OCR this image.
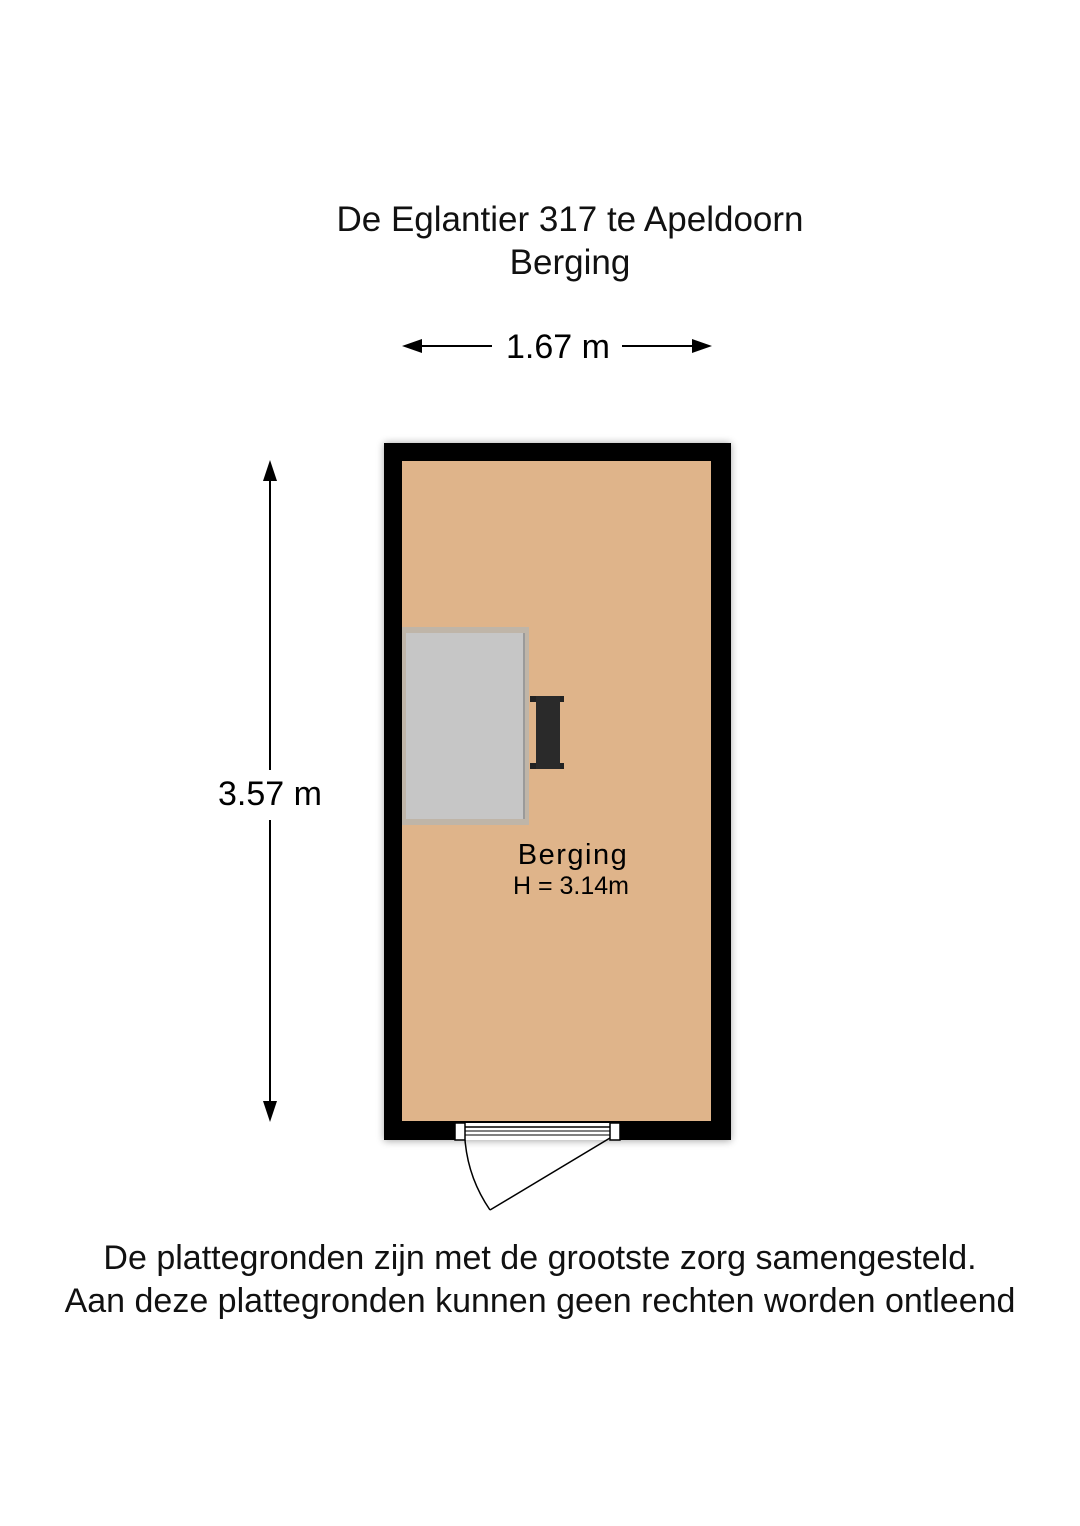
De Eglantier 317 te Apeldoorn
Berging
1.67 m
3.57 m
Berging
H = 3.14m
De plattegronden zijn met de grootste zorg samengesteld.
Aan deze plattegronden kunnen geen rechten worden ontleend
